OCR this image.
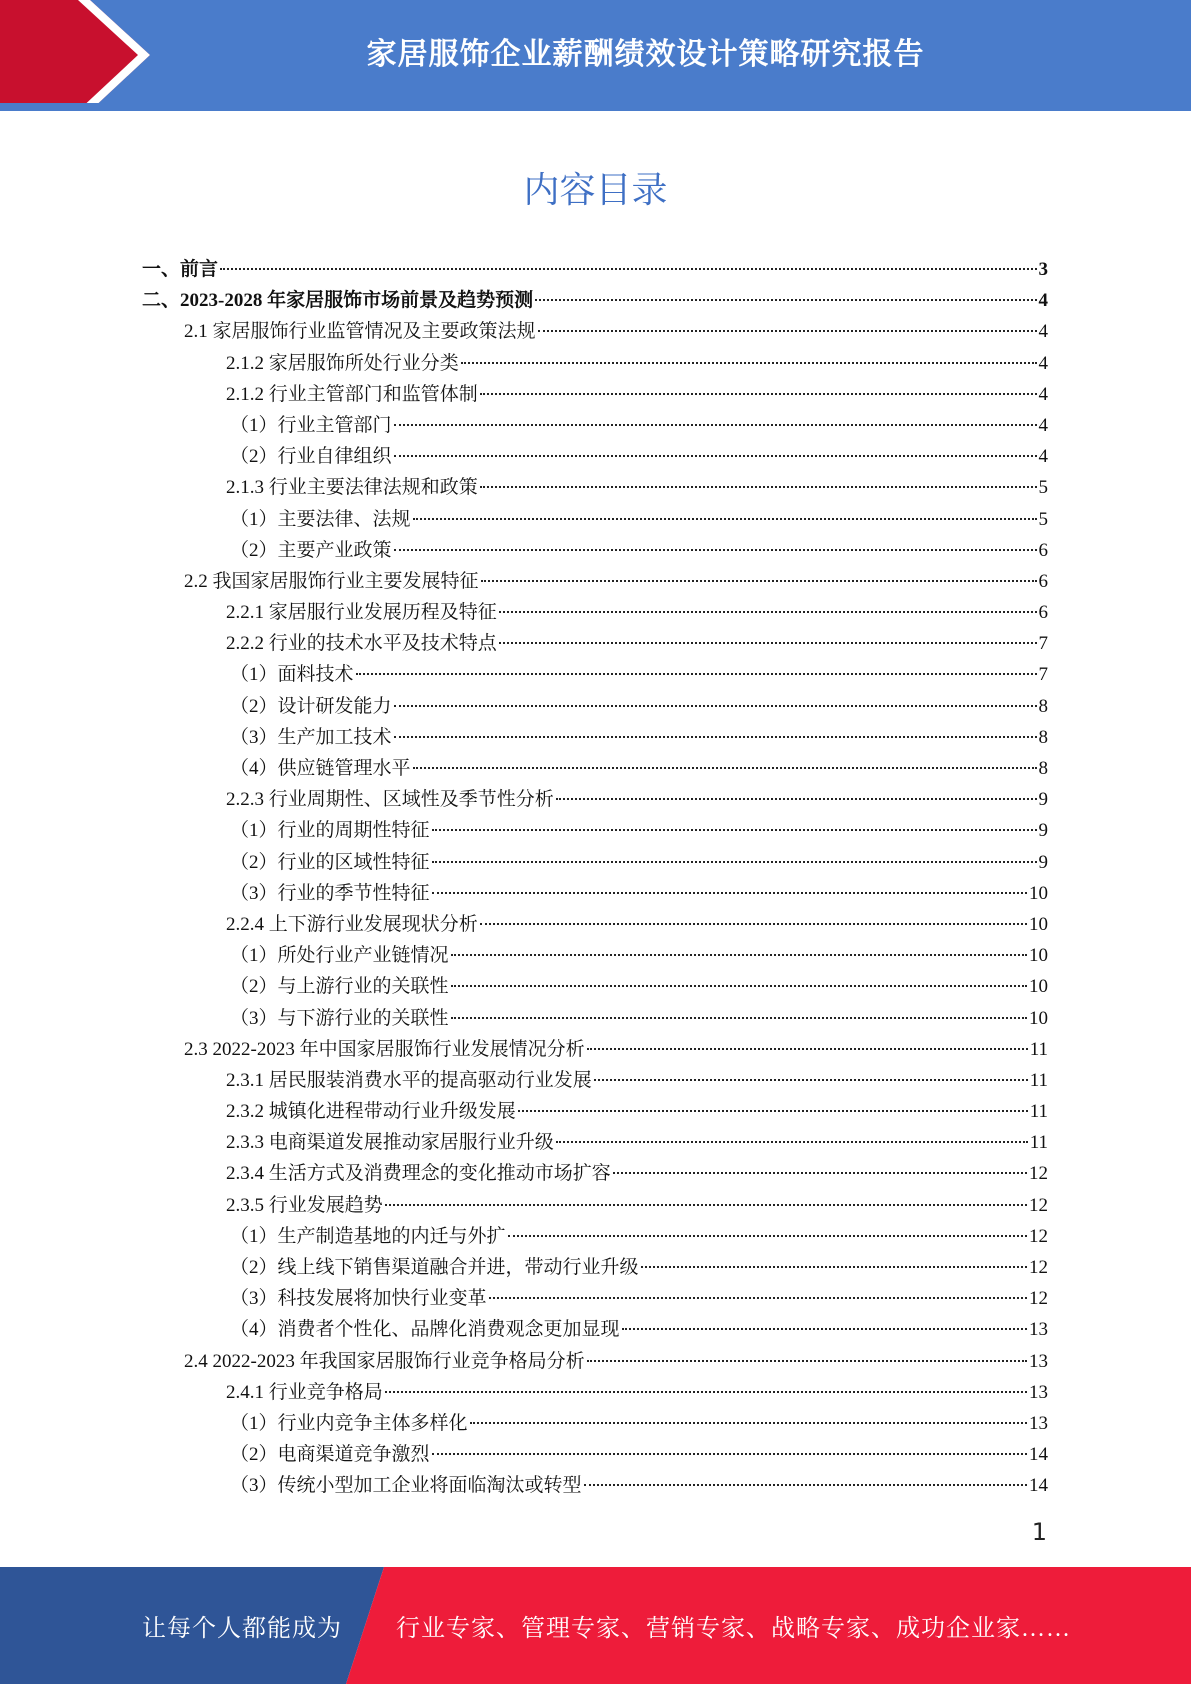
家居服饰企业薪酬绩效设计策略研究报告
内容目录
一、前言	3
二、2023-2028 年家居服饰市场前景及趋势预测	4
2.1 家居服饰行业监管情况及主要政策法规	4
2.1.2 家居服饰所处行业分类	4
2.1.2 行业主管部门和监管体制	4
（1）行业主管部门	4
（2）行业自律组织	4
2.1.3 行业主要法律法规和政策	5
（1）主要法律、法规	5
（2）主要产业政策	6
2.2 我国家居服饰行业主要发展特征	6
2.2.1 家居服行业发展历程及特征	6
2.2.2 行业的技术水平及技术特点	7
（1）面料技术	7
（2）设计研发能力	8
（3）生产加工技术	8
（4）供应链管理水平	8
2.2.3 行业周期性、区域性及季节性分析	9
（1）行业的周期性特征	9
（2）行业的区域性特征	9
（3）行业的季节性特征	10
2.2.4 上下游行业发展现状分析	10
（1）所处行业产业链情况	10
（2）与上游行业的关联性	10
（3）与下游行业的关联性	10
2.3 2022-2023 年中国家居服饰行业发展情况分析	11
2.3.1 居民服装消费水平的提高驱动行业发展	11
2.3.2 城镇化进程带动行业升级发展	11
2.3.3 电商渠道发展推动家居服行业升级	11
2.3.4 生活方式及消费理念的变化推动市场扩容	12
2.3.5 行业发展趋势	12
（1）生产制造基地的内迁与外扩	12
（2）线上线下销售渠道融合并进，带动行业升级	12
（3）科技发展将加快行业变革	12
（4）消费者个性化、品牌化消费观念更加显现	13
2.4 2022-2023 年我国家居服饰行业竞争格局分析	13
2.4.1 行业竞争格局	13
（1）行业内竞争主体多样化	13
（2）电商渠道竞争激烈	14
（3）传统小型加工企业将面临淘汰或转型	14
1
让每个人都能成为 行业专家、管理专家、营销专家、战略专家、成功企业家……
